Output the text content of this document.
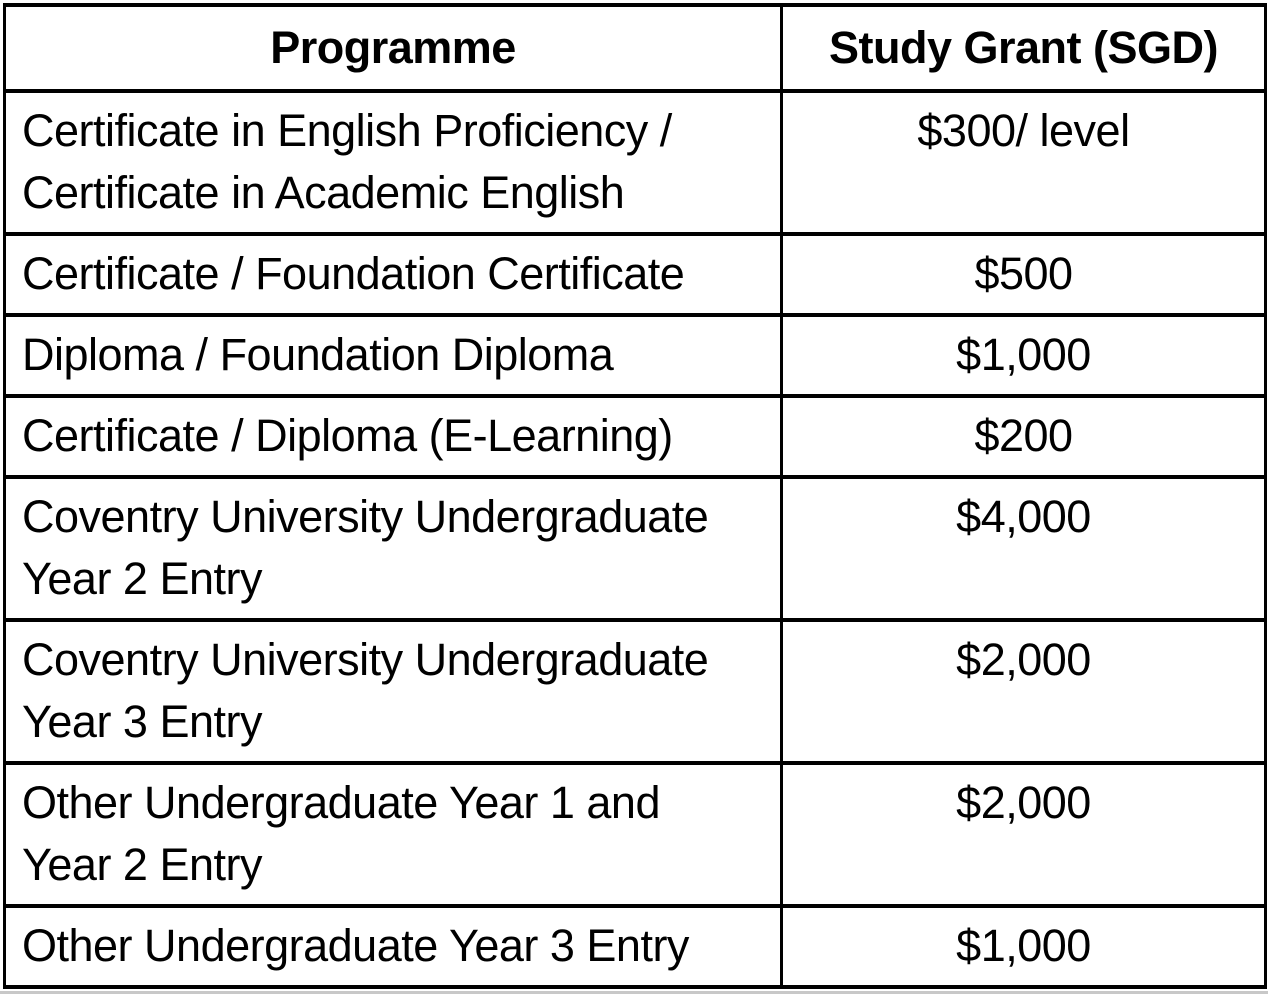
Programme	Study Grant (SGD)

Certificate in English Proficiency /
Certificate in Academic English	$300/ level

Certificate / Foundation Certificate	$500

Diploma / Foundation Diploma	$1,000

Certificate / Diploma (E-Learning)	$200

Coventry University Undergraduate
Year 2 Entry	$4,000

Coventry University Undergraduate
Year 3 Entry	$2,000

Other Undergraduate Year 1 and
Year 2 Entry	$2,000

Other Undergraduate Year 3 Entry	$1,000
